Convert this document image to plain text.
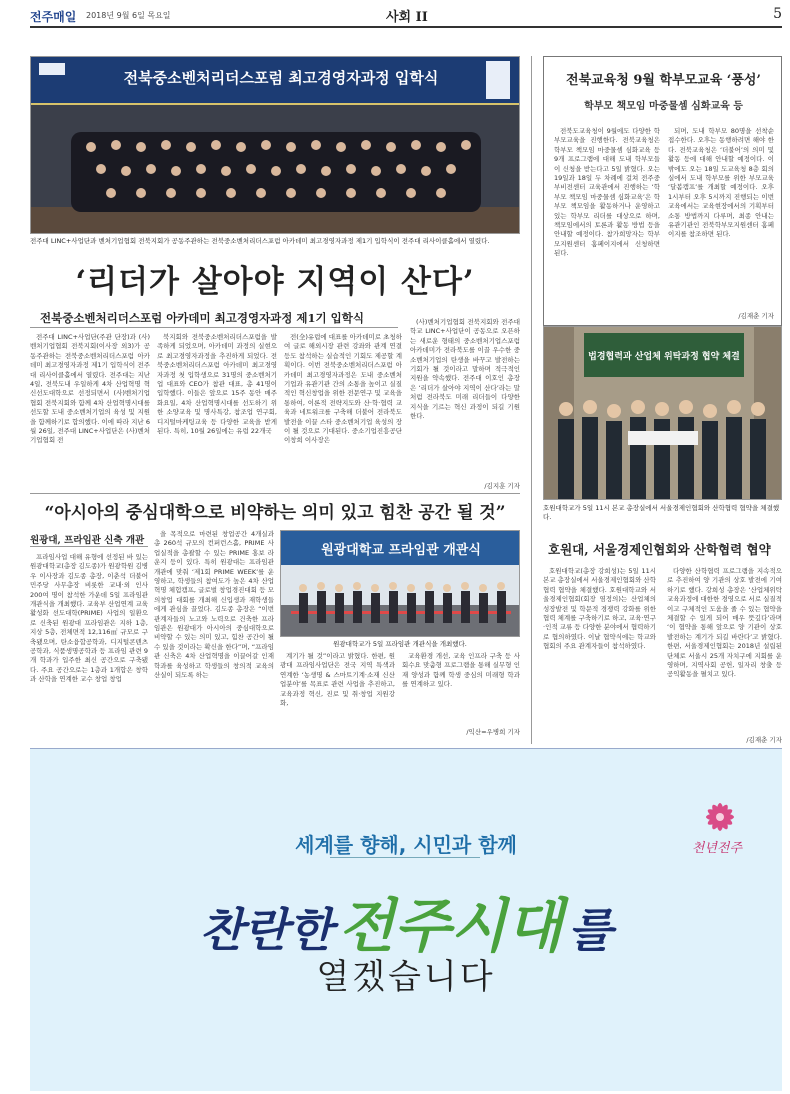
전주매일 2018년 9월 6일 목요일	사회 II	5
전북중소벤처리더스포럼 최고경영자과정 입학식
전주대 LINC+사업단과 벤처기업협회 전북지회가 공동주관하는 전북중소벤처리더스포럼 아카데미 최고경영자과정 제1기 입학식이 전주대 리사이클홀에서 열렸다.
‘리더가 살아야 지역이 산다’
전북중소벤처리더스포럼 아카데미 최고경영자과정 제1기 입학식

전주대 LINC+사업단(주관 단장)과 (사)벤처기업협회 전북지회(이사장 외3)가 공동주관하는 전북중소벤처리더스포럼 아카데미 최고경영자과정 제1기 입학식이 전주대 리사이클홀에서 열렸다. 전주대는 지난 4일, 전북도내 우일하게 4차 산업혁명 혁신선도대학으로 선정되면서 (사)벤처기업협회 전북지회와 함께 4차 산업혁명시대를 선도할 도내 중소벤처기업의 육성 및 지원을 함께하기로 합의했다. 이에 따라 지난 6월 26일, 전주대 LINC+사업단은 (사)벤처기업협회 전

북지회와 전북중소벤처리더스포럼을 발족하게 되었으며, 아카데미 과정의 실현으로 최고경영자과정을 추진하게 되었다. 전북중소벤처리더스포럼 아카데미 최고경영자과정 첫 입학생으로 31명의 중소벤처기업 대표와 CEO가 참관 대표, 총 41명이 입학했다. 이들은 앞으로 15주 동안 매주 화요일, 4차 산업혁명시대를 선도하기 위한 소양교육 및 명사특강, 참조업 연구회, 디지털마케팅교육 등 다양한 교육을 받게 된다. 특히, 10월 26일에는 유럽 22개국

전(全)유럽에 대표를 아카데미로 초청하여 글로 해외시장 관련 강좌와 관계 연결 등도 참석하는 실습적인 기회도 제공할 계획이다. 이번 전북중소벤처리더스포럼 아카데미 최고경영자과정은 도내 중소벤처기업과 유관기관 간의 소통을 높이고 실질적인 혁신창업을 위한 전문연구 및 교육을 통하여, 이론적 전략지도와 산·학·협력 교육과 네트워크를 구축해 더불어 전라북도 발전을 이끌 스타 중소벤처기업 육성의 장이 될 것으로 기대된다. 중소기업진흥공단 이창희 이사장은

(사)벤처기업협회 전북지회와 전주대학교 LINC+사업단이 공동으로 오픈하는 새로운 형태의 중소벤처기업스포럼 아카데미가 전라북도를 이끌 우수한 중소벤처기업의 탄생을 바꾸고 발전하는 기회가 될 것이라고 말하며 적극적인 지원을 약속했다. 전주대 이호인 총장은 ‘리더가 살아야 지역이 산다’라는 말처럼 전라북도 미래 리더들이 다양한 지식을 기르는 혁신 과정이 되길 기원한다.

/김지훈 기자
“아시아의 중심대학으로 비약하는 의미 있고 힘찬 공간 될 것”
원광대, 프라임관 신축 개관

프라임사업 대해 유형에 선정된 바 있는 원광대학교(총장 김도종)가 원광학원 김병우 이사장과 김도종 총장, 이춘석 더불어민주당 사무총장 비롯한 교내·외 인사 200여 명이 참석한 가운데 5일 프라임관 개관식을 개최했다. 교육부 산업연계 교육활성화 선도대학(PRIME) 사업의 일환으로 신축된 원광대 프라임관은 지하 1층, 지상 5층, 전체면적 12,116㎡ 규모로 구축됐으며, 탄소융합공학과, 디지털콘텐츠공학과, 식품생명공학과 등 프라임 관련 9개 학과가 입주한 최신 공간으로 구축됐다. 주요 공간으로는 1층과 1개합은 창학과 산학을 연계한 교수 창업 창업

을 목적으로 마련된 창업공간 4개실과 총 260석 규모의 컨퍼런스홀, PRIME 사업실적을 총괄할 수 있는 PRIME 홍보 라운지 등이 있다. 특히 원광대는 프라임관 개관에 맞춰 ‘제1회 PRIME WEEK’를 운영하고, 학생들의 참여도가 높은 4차 산업혁명 체험캠프, 글로벌 창업경진대회 등 모의창업 대회를 개최해 신입생과 재학생들에게 관심을 끌었다. 김도종 총장은 “이번 관계자들의 노고와 노력으로 건축한 프라임관은 원광대가 아시아의 중심대학으로 비약할 수 있는 의미 있고, 힘찬 공간이 될 수 있을 것이라는 확신을 한다”며, “프라임관 신축은 4차 산업혁명을 이끌어갈 인재 학과를 육성하고 학생들의 창의적 교육의 산실이 되도록 하는

원광대학교 프라임관 개관식
원광대학교가 5일 프라임관 개관식을 개최했다.

계기가 될 것”이라고 밝혔다. 한편, 원광대 프라임사업단은 전국 지역 특색과 연계한 ‘농생명 & 스마트기계·소재 신산업분야’를 목표로 관련 사업을 추진하고, 교육과정 혁신, 진로 및 취·창업 지원강화,

교육환경 개선, 교육 인프라 구축 등 사회수요 맞춤형 프로그램을 통해 실무형 인재 양성과 함께 학생 중심의 미래형 학과를 연계하고 있다.

/익산=우병희 기자
전북교육청 9월 학부모교육 ‘풍성’
학부모 책모임 마중물셈 심화교육 등

전북도교육청이 9월에도 다양한 학부모교육을 진행한다. 전북교육청은 학부모 책모임 마중물셈 심화교육 등 9개 프로그램에 대해 도내 학부모들이 신청을 받는다고 5일 밝혔다. 오는 19일과 18일 두 차례에 걸쳐 전주중부비전센터 교육관에서 진행하는 ‘학부모 책모임 마중물셈 심화교육’은 학부모 책모임을 활동하거나 운영하고 있는 학부모 리더를 대상으로 하며, 책모임에서의 토론과 활동 방법 등을 안내할 예정이다. 참가희망자는 학부모지원센터 홈페이지에서 신청하면 된다.

되며, 도내 학부모 80명을 선착순 접수한다. 오후는 동행하려면 해야 한다. 전북교육청은 ‘더불어’의 의미 및 활동 등에 대해 안내할 예정이다. 이밖에도 오는 18일 도교육청 8층 회의실에서 도내 학부모를 위한 부모교육 ‘달봄캠프’를 개최할 예정이다. 오후 1시부터 오후 5시까지 진행되는 이번 교육에서는 교육현장에서의 기획부터 소통 방법까지 다루며, 최종 안내는 유관기관인 전북학부모지원센터 홈페이지를 참조하면 된다.

/김재춘 기자
법경협력과 산업체 위탁과정 협약 체결
호원대학교가 5일 11시 본교 총장실에서 서울경제인협회와 산학협력 협약을 체결했다.
호원대, 서울경제인협회와 산학협력 협약

호원대학교(총장 강희성)는 5일 11시 본교 총장실에서 서울경제인협회와 산학협력 협약을 체결했다. 호원대학교와 서울경제인협회(회장 염정의)는 산업체의 성장발전 및 학문적 경쟁력 강화를 위한 협력 체계를 구축하기로 하고, 교육·연구·인적 교류 등 다양한 분야에서 협력하기로 협의하였다. 이날 협약식에는 학교와 협회의 주요 관계자들이 참석하였다.

다양한 산학협력 프로그램을 지속적으로 추진하여 양 기관의 상호 발전에 기여하기로 했다. 강희성 총장은 ‘산업체위탁 교육과정에 대한한 경영으로 서로 실질적이고 구체적인 도움을 줄 수 있는 협약을 체결할 수 있게 되어 매우 뜻깊다’라며 ‘이 협약을 통해 앞으로 양 기관이 상호 발전하는 계기가 되길 바란다’고 밝혔다. 한편, 서울경제인협회는 2018년 설립된 단체로 서울시 25개 자치구에 지회를 운영하며, 지역사회 공헌, 일자리 창출 등 공익활동을 펼치고 있다.

/김재춘 기자
천년전주
세계를 향해, 시민과 함께
찬란한 전주시대 를
열겠습니다
